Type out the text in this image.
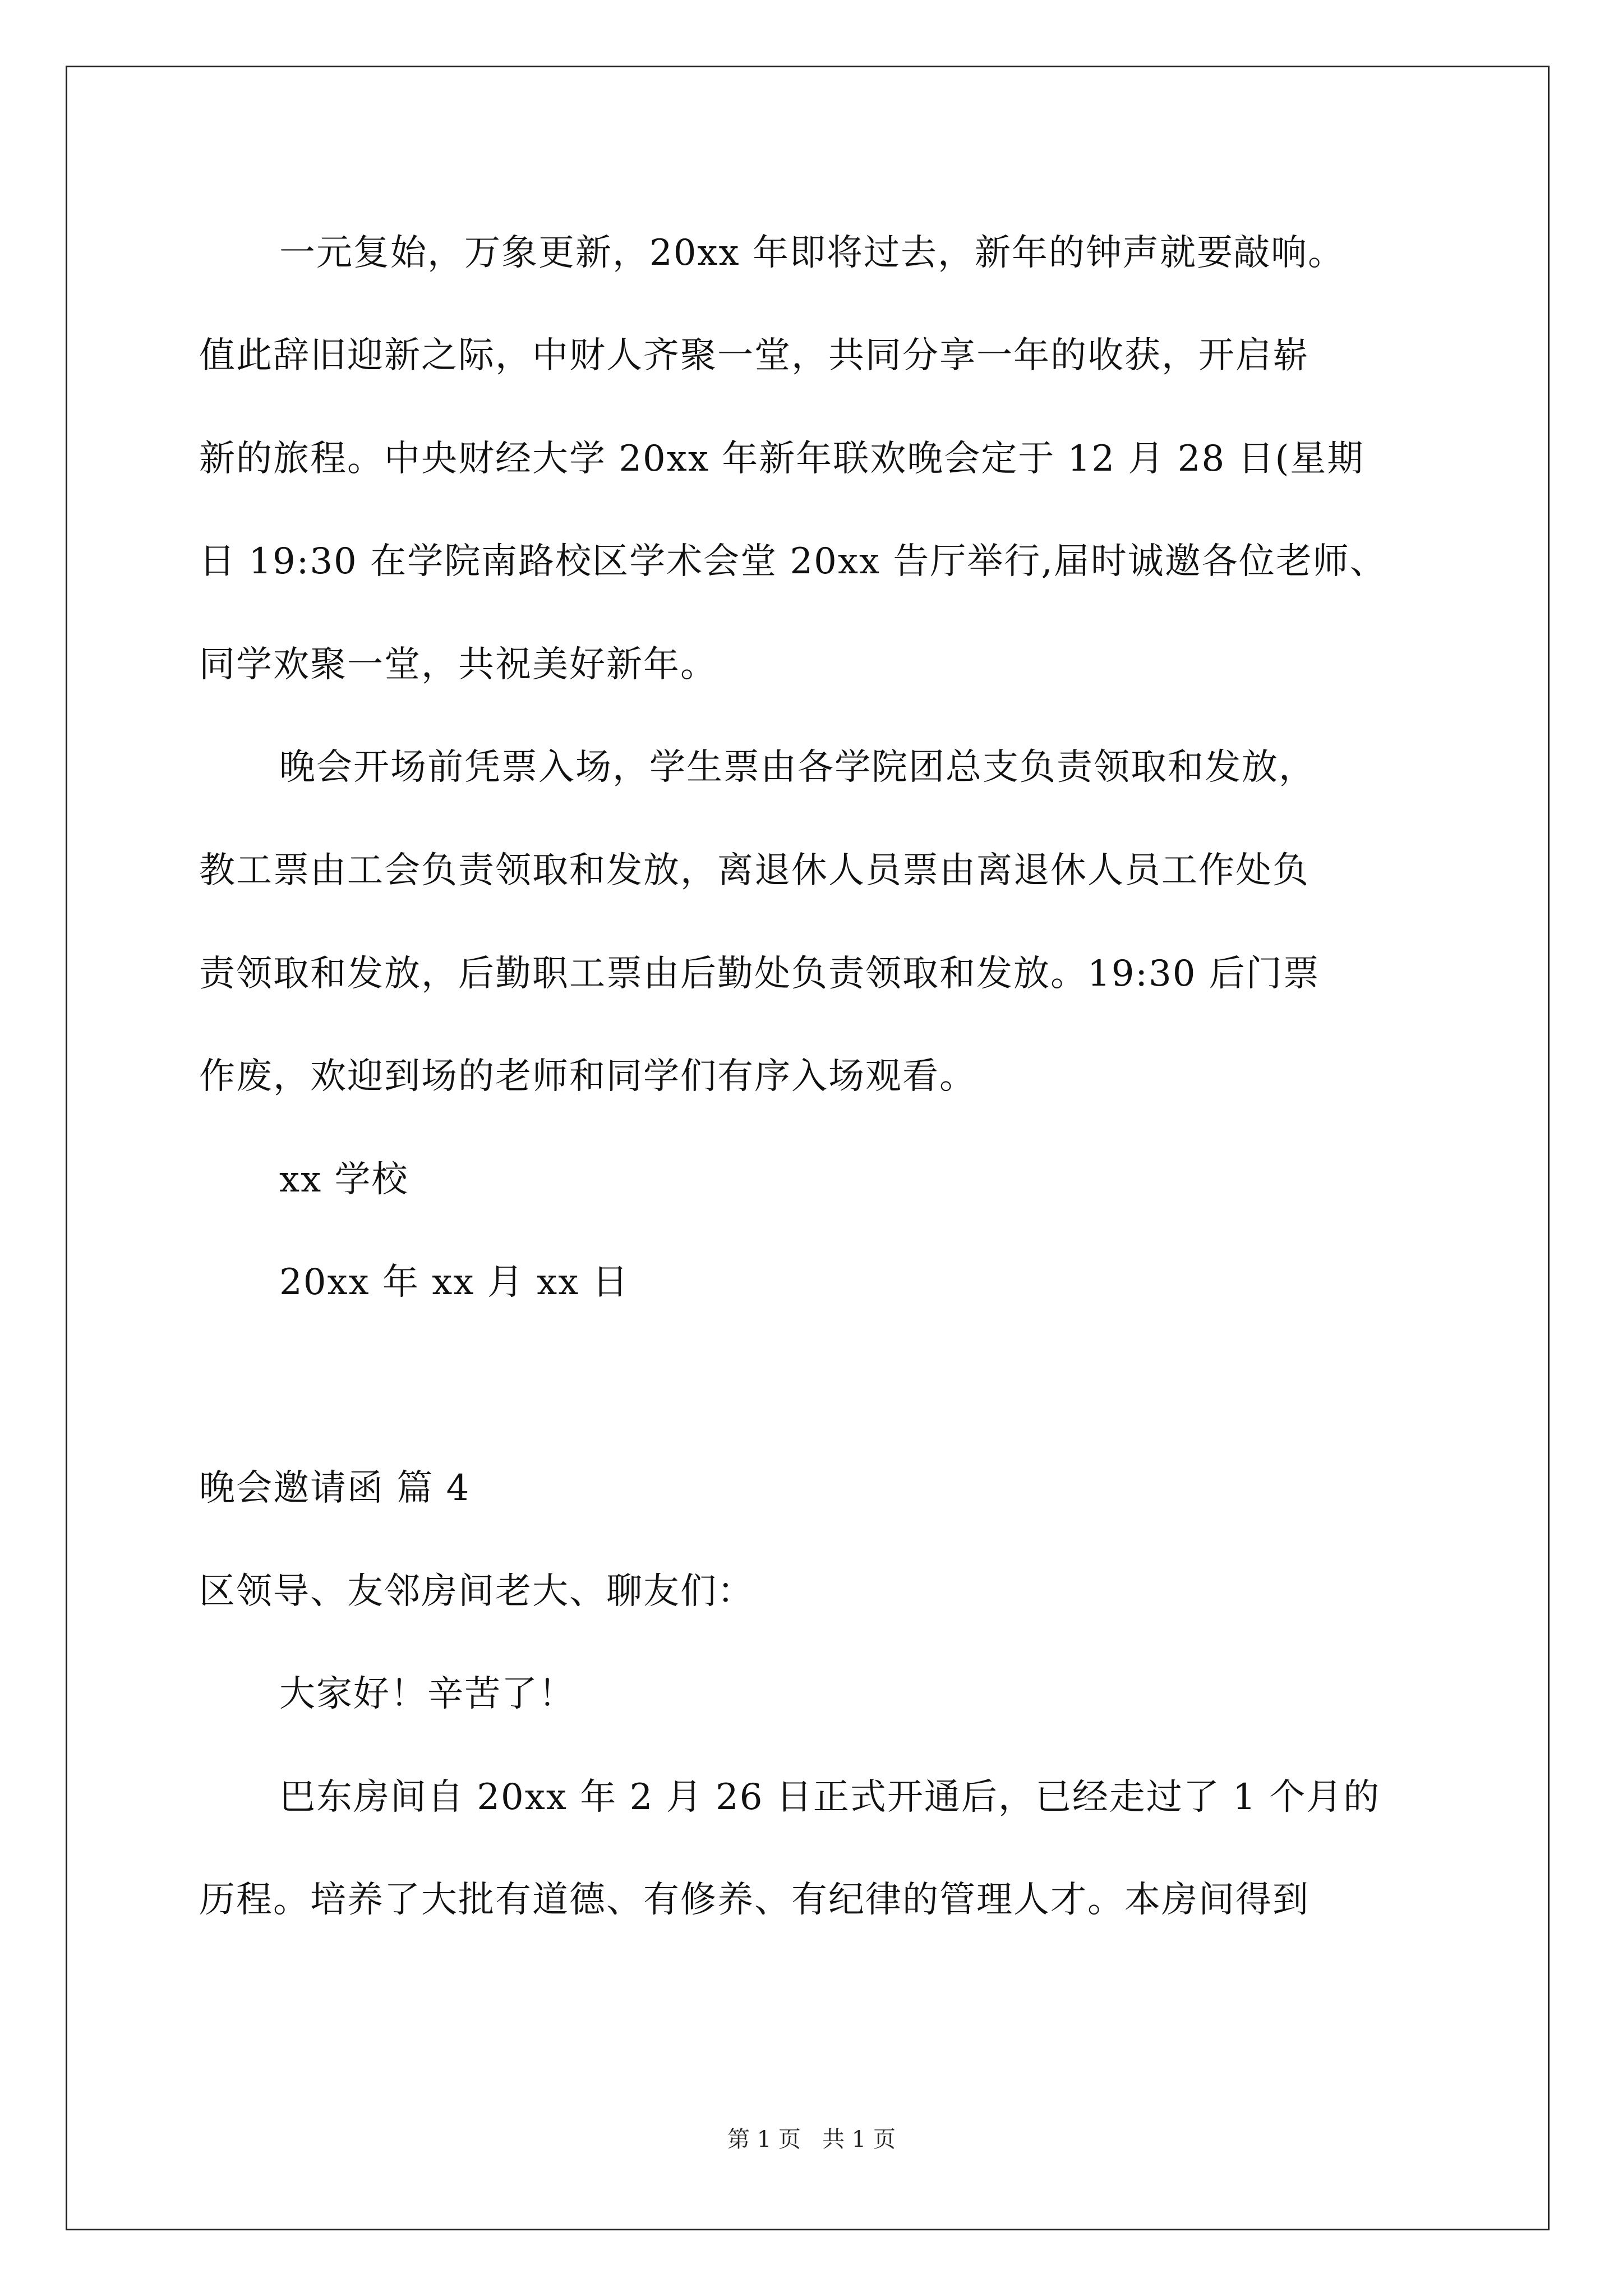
一元复始，万象更新，20xx 年即将过去，新年的钟声就要敲响。
值此辞旧迎新之际，中财人齐聚一堂，共同分享一年的收获，开启崭
新的旅程。中央财经大学 20xx 年新年联欢晚会定于 12 月 28 日(星期
日 19:30 在学院南路校区学术会堂 20xx 告厅举行,届时诚邀各位老师、
同学欢聚一堂，共祝美好新年。
晚会开场前凭票入场，学生票由各学院团总支负责领取和发放，
教工票由工会负责领取和发放，离退休人员票由离退休人员工作处负
责领取和发放，后勤职工票由后勤处负责领取和发放。19:30 后门票
作废，欢迎到场的老师和同学们有序入场观看。
xx 学校
20xx 年 xx 月 xx 日
晚会邀请函 篇 4
区领导、友邻房间老大、聊友们：
大家好！辛苦了！
巴东房间自 20xx 年 2 月 26 日正式开通后，已经走过了 1 个月的
历程。培养了大批有道德、有修养、有纪律的管理人才。本房间得到
第 1 页   共 1 页
